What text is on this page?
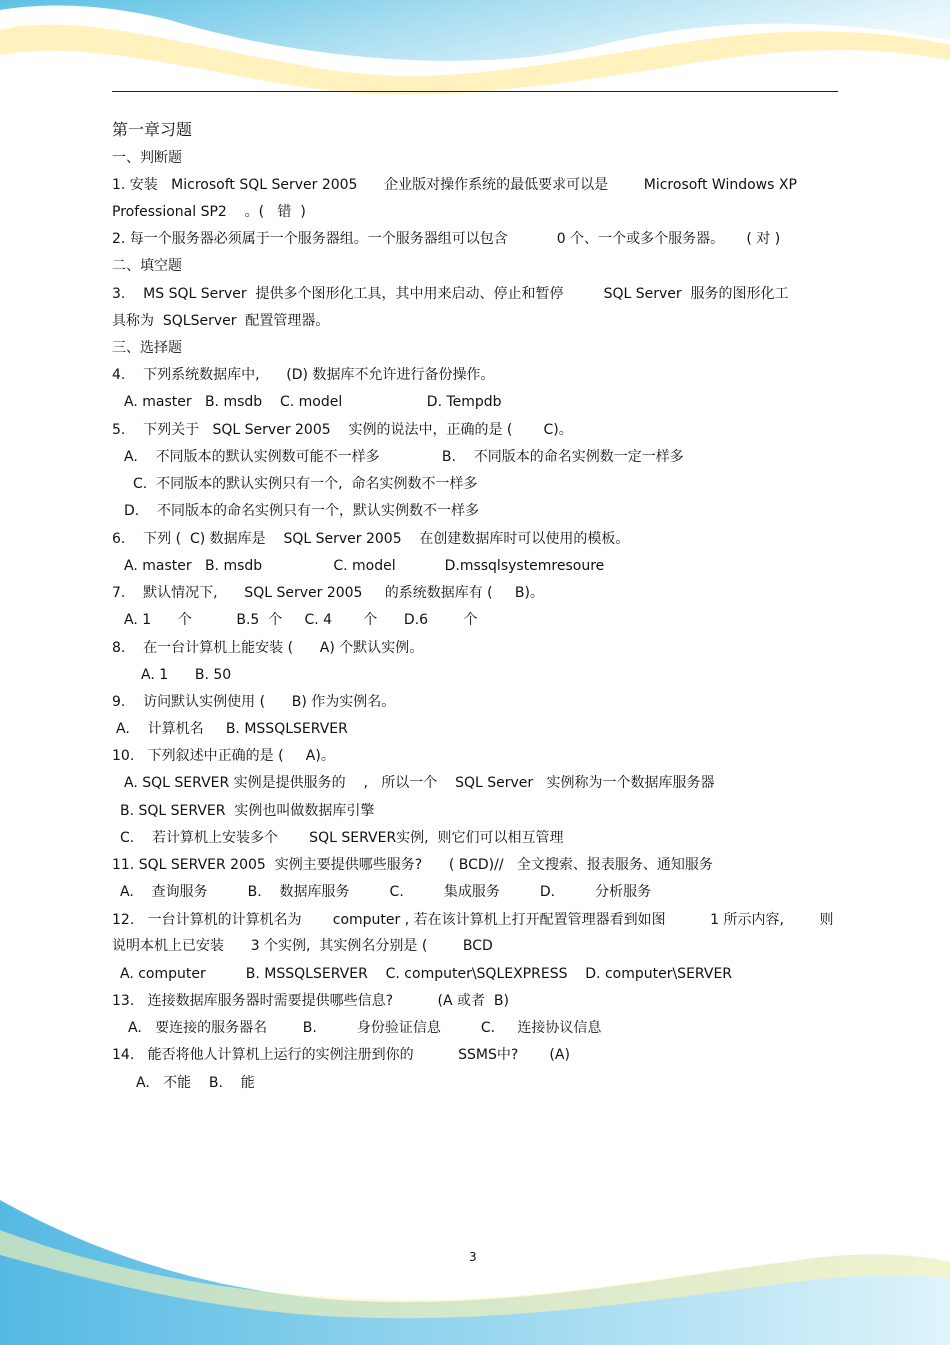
第一章习题
一、判断题
1. 安装   Microsoft SQL Server 2005      企业版对操作系统的最低要求可以是        Microsoft Windows XP
Professional SP2    。(   错  )
2. 每一个服务器必须属于一个服务器组。一个服务器组可以包含           0 个、一个或多个服务器。     ( 对 )
二、填空题
3.    MS SQL Server  提供多个图形化工具，其中用来启动、停止和暂停         SQL Server  服务的图形化工
具称为  SQLServer  配置管理器。
三、选择题
4.    下列系统数据库中,      (D) 数据库不允许进行备份操作。
A. master   B. msdb    C. model                   D. Tempdb
5.    下列关于   SQL Server 2005    实例的说法中，正确的是 (       C)。
A.    不同版本的默认实例数可能不一样多              B.    不同版本的命名实例数一定一样多
C.  不同版本的默认实例只有一个,  命名实例数不一样多
D.    不同版本的命名实例只有一个，默认实例数不一样多
6.    下列 (  C) 数据库是    SQL Server 2005    在创建数据库时可以使用的模板。
A. master   B. msdb                C. model           D.mssqlsystemresoure
7.    默认情况下,      SQL Server 2005     的系统数据库有 (     B)。
A. 1      个          B.5  个     C. 4       个      D.6        个
8.    在一台计算机上能安装 (      A) 个默认实例。
A. 1      B. 50
9.    访问默认实例使用 (      B) 作为实例名。
A.    计算机名     B. MSSQLSERVER
10.   下列叙述中正确的是 (     A)。
A. SQL SERVER 实例是提供服务的    ,   所以一个    SQL Server   实例称为一个数据库服务器
B. SQL SERVER  实例也叫做数据库引擎
C.    若计算机上安装多个       SQL SERVER实例,  则它们可以相互管理
11. SQL SERVER 2005  实例主要提供哪些服务?      ( BCD)//   全文搜索、报表服务、通知服务
A.    查询服务         B.    数据库服务         C.         集成服务         D.         分析服务
12.   一台计算机的计算机名为       computer , 若在该计算机上打开配置管理器看到如图          1 所示内容,        则
说明本机上已安装      3 个实例,  其实例名分别是 (        BCD
A. computer         B. MSSQLSERVER    C. computer\SQLEXPRESS    D. computer\SERVER
13.   连接数据库服务器时需要提供哪些信息?          (A 或者  B)
A.   要连接的服务器名        B.         身份验证信息         C.     连接协议信息
14.   能否将他人计算机上运行的实例注册到你的          SSMS中?       (A)
A.   不能    B.    能
3
